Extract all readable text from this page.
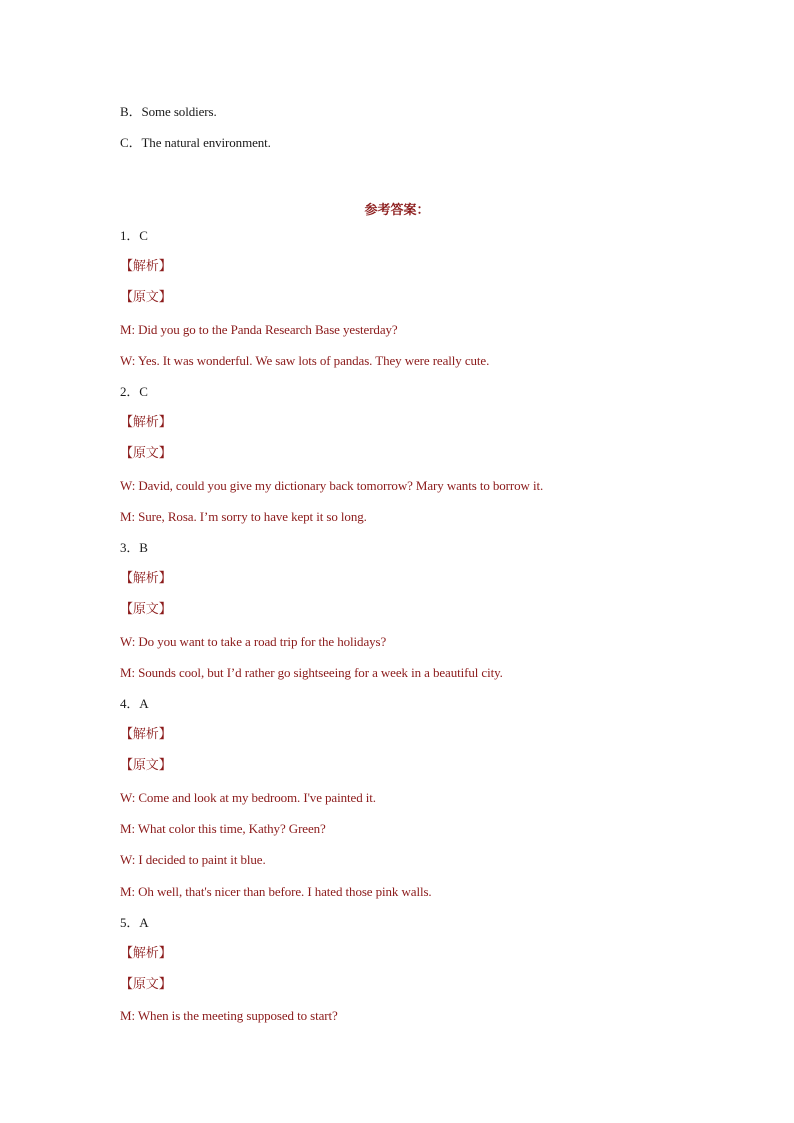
B．Some soldiers.
C．The natural environment.
参考答案：
1．C
【解析】
【原文】
M: Did you go to the Panda Research Base yesterday?
W: Yes. It was wonderful. We saw lots of pandas. They were really cute.
2．C
【解析】
【原文】
W: David, could you give my dictionary back tomorrow? Mary wants to borrow it.
M: Sure, Rosa. I’m sorry to have kept it so long.
3．B
【解析】
【原文】
W: Do you want to take a road trip for the holidays?
M: Sounds cool, but I’d rather go sightseeing for a week in a beautiful city.
4．A
【解析】
【原文】
W: Come and look at my bedroom. I've painted it.
M: What color this time, Kathy? Green?
W: I decided to paint it blue.
M: Oh well, that's nicer than before. I hated those pink walls.
5．A
【解析】
【原文】
M: When is the meeting supposed to start?
